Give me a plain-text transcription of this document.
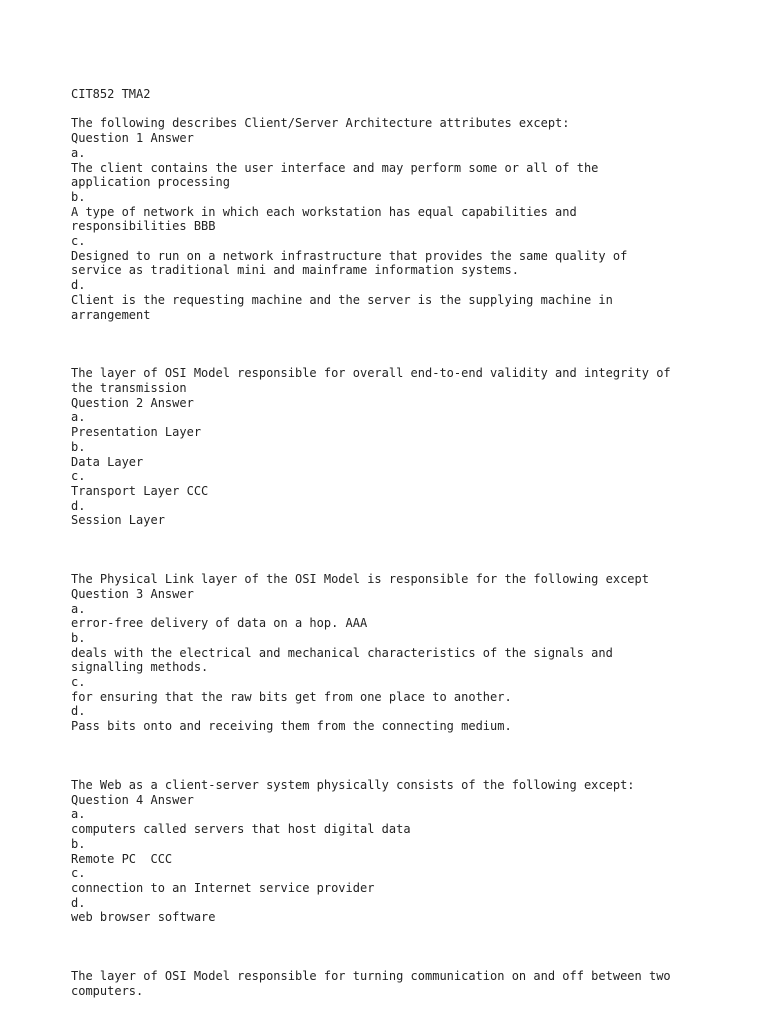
CIT852 TMA2
The following describes Client/Server Architecture attributes except:
Question 1 Answer
a.
The client contains the user interface and may perform some or all of the
application processing
b.
A type of network in which each workstation has equal capabilities and
responsibilities BBB
c.
Designed to run on a network infrastructure that provides the same quality of
service as traditional mini and mainframe information systems.
d.
Client is the requesting machine and the server is the supplying machine in
arrangement
The layer of OSI Model responsible for overall end-to-end validity and integrity of
the transmission
Question 2 Answer
a.
Presentation Layer
b.
Data Layer
c.
Transport Layer CCC
d.
Session Layer
The Physical Link layer of the OSI Model is responsible for the following except
Question 3 Answer
a.
error-free delivery of data on a hop. AAA
b.
deals with the electrical and mechanical characteristics of the signals and
signalling methods.
c.
for ensuring that the raw bits get from one place to another.
d.
Pass bits onto and receiving them from the connecting medium.
The Web as a client-server system physically consists of the following except:
Question 4 Answer
a.
computers called servers that host digital data
b.
Remote PC  CCC
c.
connection to an Internet service provider
d.
web browser software
The layer of OSI Model responsible for turning communication on and off between two
computers.
